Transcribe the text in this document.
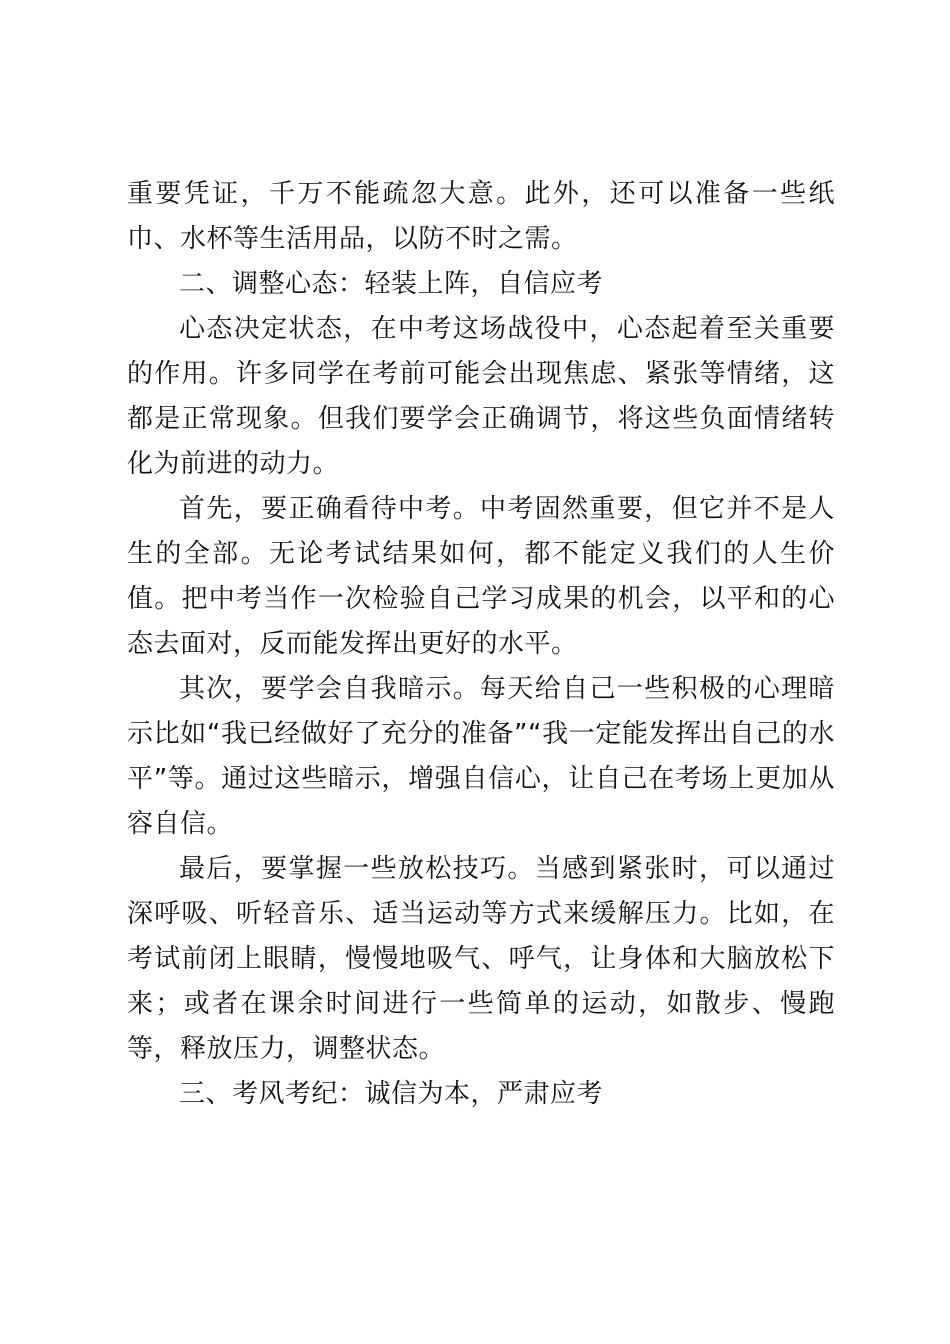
重要凭证，千万不能疏忽大意。此外，还可以准备一些纸巾、水杯等生活用品，以防不时之需。

二、调整心态：轻装上阵，自信应考

心态决定状态，在中考这场战役中，心态起着至关重要的作用。许多同学在考前可能会出现焦虑、紧张等情绪，这都是正常现象。但我们要学会正确调节，将这些负面情绪转化为前进的动力。

首先，要正确看待中考。中考固然重要，但它并不是人生的全部。无论考试结果如何，都不能定义我们的人生价值。把中考当作一次检验自己学习成果的机会，以平和的心态去面对，反而能发挥出更好的水平。

其次，要学会自我暗示。每天给自己一些积极的心理暗示比如“我已经做好了充分的准备”“我一定能发挥出自己的水平”等。通过这些暗示，增强自信心，让自己在考场上更加从容自信。

最后，要掌握一些放松技巧。当感到紧张时，可以通过深呼吸、听轻音乐、适当运动等方式来缓解压力。比如，在考试前闭上眼睛，慢慢地吸气、呼气，让身体和大脑放松下来；或者在课余时间进行一些简单的运动，如散步、慢跑等，释放压力，调整状态。

三、考风考纪：诚信为本，严肃应考
